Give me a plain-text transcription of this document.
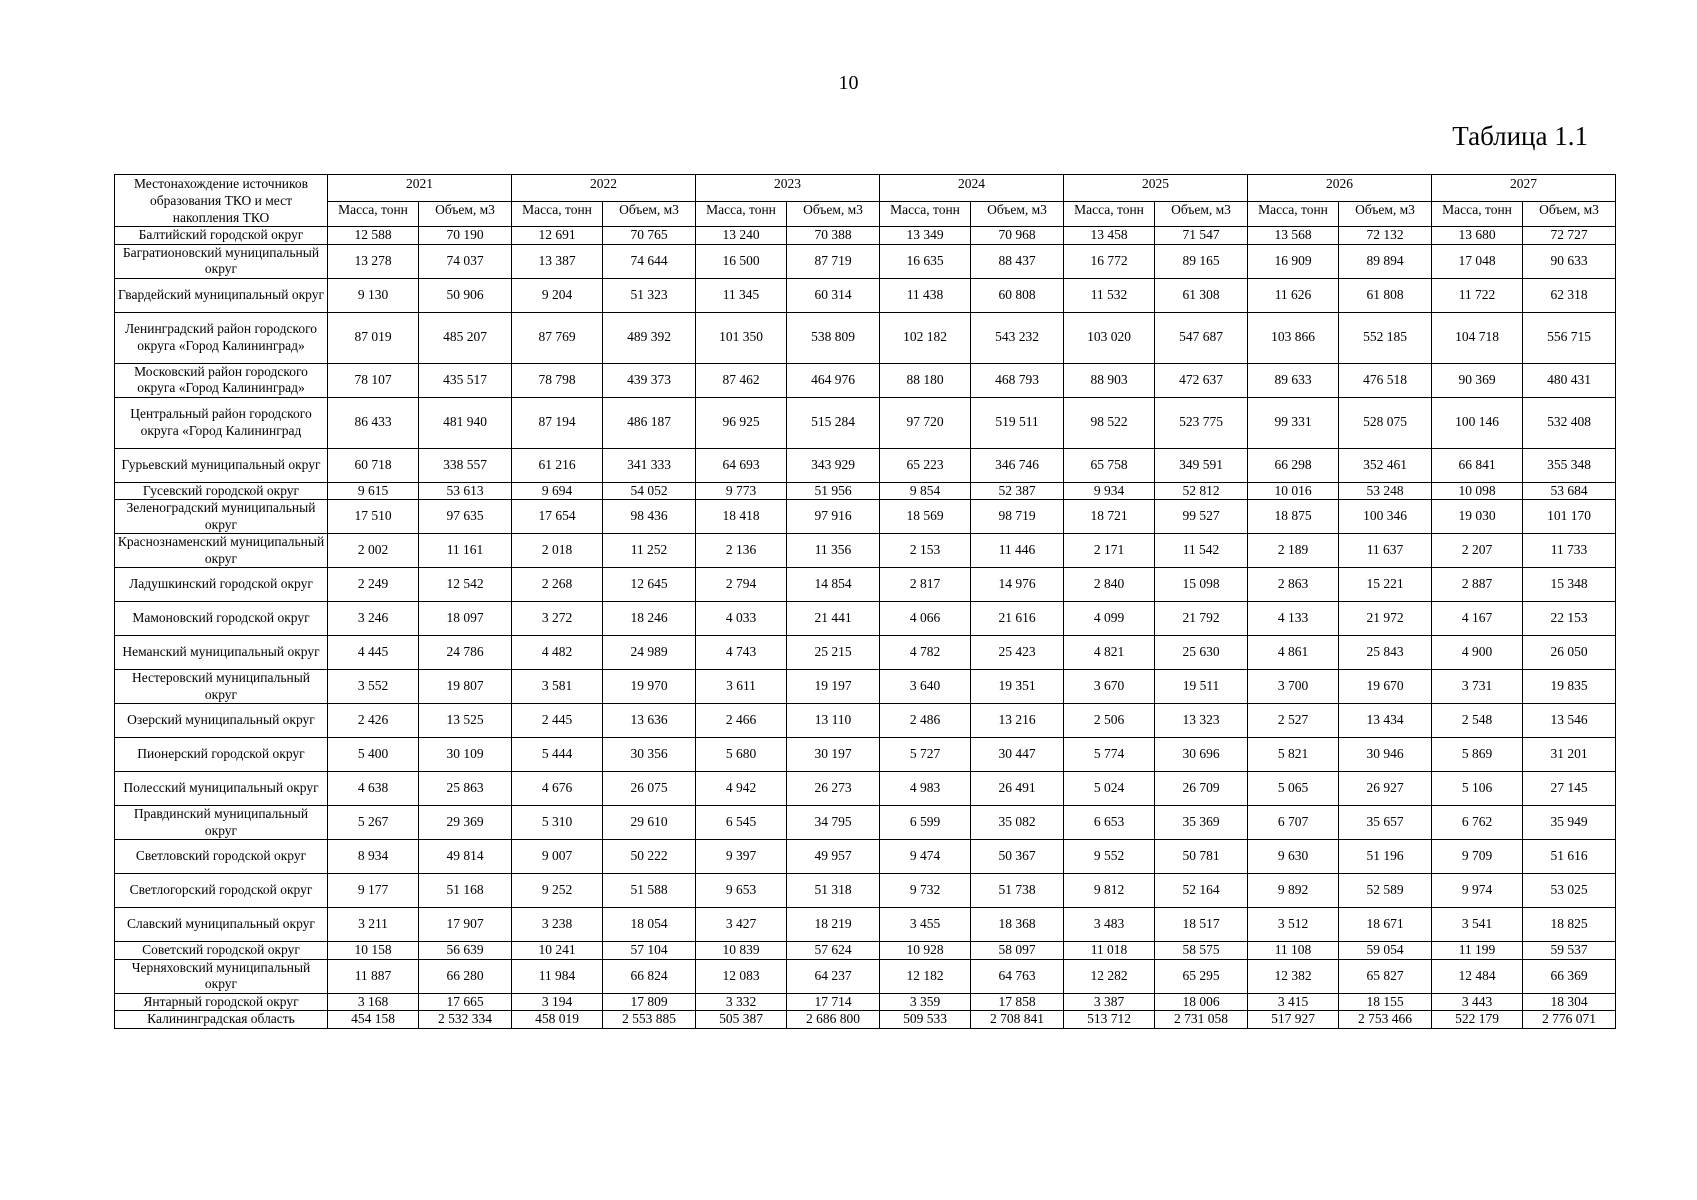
10
Таблица 1.1
Местонахождение источников образования ТКО и мест накопления ТКО	2021		2022		2023		2024		2025		2026		2027	
	Масса, тонн	Объем, м3	Масса, тонн	Объем, м3	Масса, тонн	Объем, м3	Масса, тонн	Объем, м3	Масса, тонн	Объем, м3	Масса, тонн	Объем, м3	Масса, тонн	Объем, м3
Балтийский городской округ	12 588	70 190	12 691	70 765	13 240	70 388	13 349	70 968	13 458	71 547	13 568	72 132	13 680	72 727
Багратионовский муниципальный округ	13 278	74 037	13 387	74 644	16 500	87 719	16 635	88 437	16 772	89 165	16 909	89 894	17 048	90 633
Гвардейский муниципальный округ	9 130	50 906	9 204	51 323	11 345	60 314	11 438	60 808	11 532	61 308	11 626	61 808	11 722	62 318
Ленинградский район городского округа «Город Калининград»	87 019	485 207	87 769	489 392	101 350	538 809	102 182	543 232	103 020	547 687	103 866	552 185	104 718	556 715
Московский район городского округа «Город Калининград»	78 107	435 517	78 798	439 373	87 462	464 976	88 180	468 793	88 903	472 637	89 633	476 518	90 369	480 431
Центральный район городского округа «Город Калининград	86 433	481 940	87 194	486 187	96 925	515 284	97 720	519 511	98 522	523 775	99 331	528 075	100 146	532 408
Гурьевский муниципальный округ	60 718	338 557	61 216	341 333	64 693	343 929	65 223	346 746	65 758	349 591	66 298	352 461	66 841	355 348
Гусевский городской округ	9 615	53 613	9 694	54 052	9 773	51 956	9 854	52 387	9 934	52 812	10 016	53 248	10 098	53 684
Зеленоградский муниципальный округ	17 510	97 635	17 654	98 436	18 418	97 916	18 569	98 719	18 721	99 527	18 875	100 346	19 030	101 170
Краснознаменский муниципальный округ	2 002	11 161	2 018	11 252	2 136	11 356	2 153	11 446	2 171	11 542	2 189	11 637	2 207	11 733
Ладушкинский городской округ	2 249	12 542	2 268	12 645	2 794	14 854	2 817	14 976	2 840	15 098	2 863	15 221	2 887	15 348
Мамоновский городской округ	3 246	18 097	3 272	18 246	4 033	21 441	4 066	21 616	4 099	21 792	4 133	21 972	4 167	22 153
Неманский муниципальный округ	4 445	24 786	4 482	24 989	4 743	25 215	4 782	25 423	4 821	25 630	4 861	25 843	4 900	26 050
Нестеровский муниципальный округ	3 552	19 807	3 581	19 970	3 611	19 197	3 640	19 351	3 670	19 511	3 700	19 670	3 731	19 835
Озерский муниципальный округ	2 426	13 525	2 445	13 636	2 466	13 110	2 486	13 216	2 506	13 323	2 527	13 434	2 548	13 546
Пионерский городской округ	5 400	30 109	5 444	30 356	5 680	30 197	5 727	30 447	5 774	30 696	5 821	30 946	5 869	31 201
Полесский муниципальный округ	4 638	25 863	4 676	26 075	4 942	26 273	4 983	26 491	5 024	26 709	5 065	26 927	5 106	27 145
Правдинский муниципальный округ	5 267	29 369	5 310	29 610	6 545	34 795	6 599	35 082	6 653	35 369	6 707	35 657	6 762	35 949
Светловский городской округ	8 934	49 814	9 007	50 222	9 397	49 957	9 474	50 367	9 552	50 781	9 630	51 196	9 709	51 616
Светлогорский городской округ	9 177	51 168	9 252	51 588	9 653	51 318	9 732	51 738	9 812	52 164	9 892	52 589	9 974	53 025
Славский муниципальный округ	3 211	17 907	3 238	18 054	3 427	18 219	3 455	18 368	3 483	18 517	3 512	18 671	3 541	18 825
Советский городской округ	10 158	56 639	10 241	57 104	10 839	57 624	10 928	58 097	11 018	58 575	11 108	59 054	11 199	59 537
Черняховский муниципальный округ	11 887	66 280	11 984	66 824	12 083	64 237	12 182	64 763	12 282	65 295	12 382	65 827	12 484	66 369
Янтарный городской округ	3 168	17 665	3 194	17 809	3 332	17 714	3 359	17 858	3 387	18 006	3 415	18 155	3 443	18 304
Калининградская область	454 158	2 532 334	458 019	2 553 885	505 387	2 686 800	509 533	2 708 841	513 712	2 731 058	517 927	2 753 466	522 179	2 776 071
